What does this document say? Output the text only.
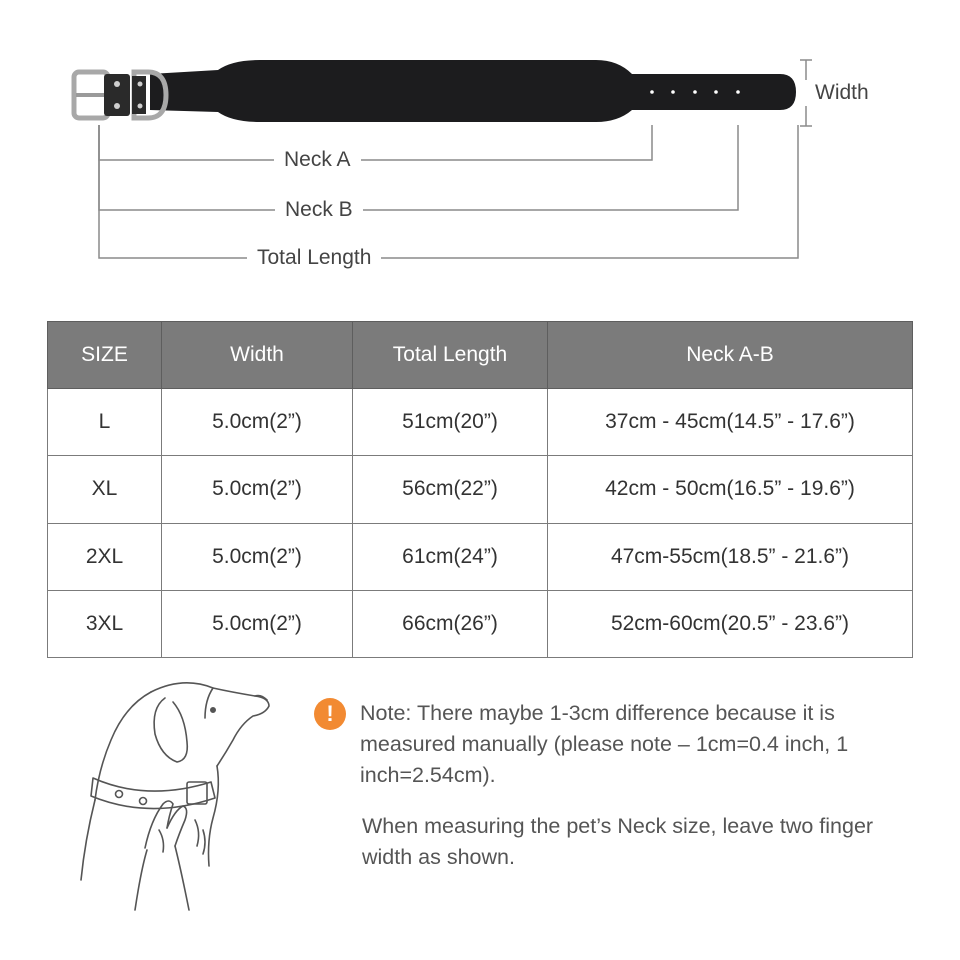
Width
Neck A
Neck B
Total Length
SIZE	Width	Total Length	Neck A-B
L	5.0cm(2”)	51cm(20”)	37cm - 45cm(14.5” - 17.6”)
XL	5.0cm(2”)	56cm(22”)	42cm - 50cm(16.5” - 19.6”)
2XL	5.0cm(2”)	61cm(24”)	47cm-55cm(18.5” - 21.6”)
3XL	5.0cm(2”)	66cm(26”)	52cm-60cm(20.5” - 23.6”)
!	Note: There maybe 1-3cm difference because it is measured manually (please note – 1cm=0.4 inch, 1 inch=2.54cm).

When measuring the pet’s Neck size, leave two finger width as shown.
